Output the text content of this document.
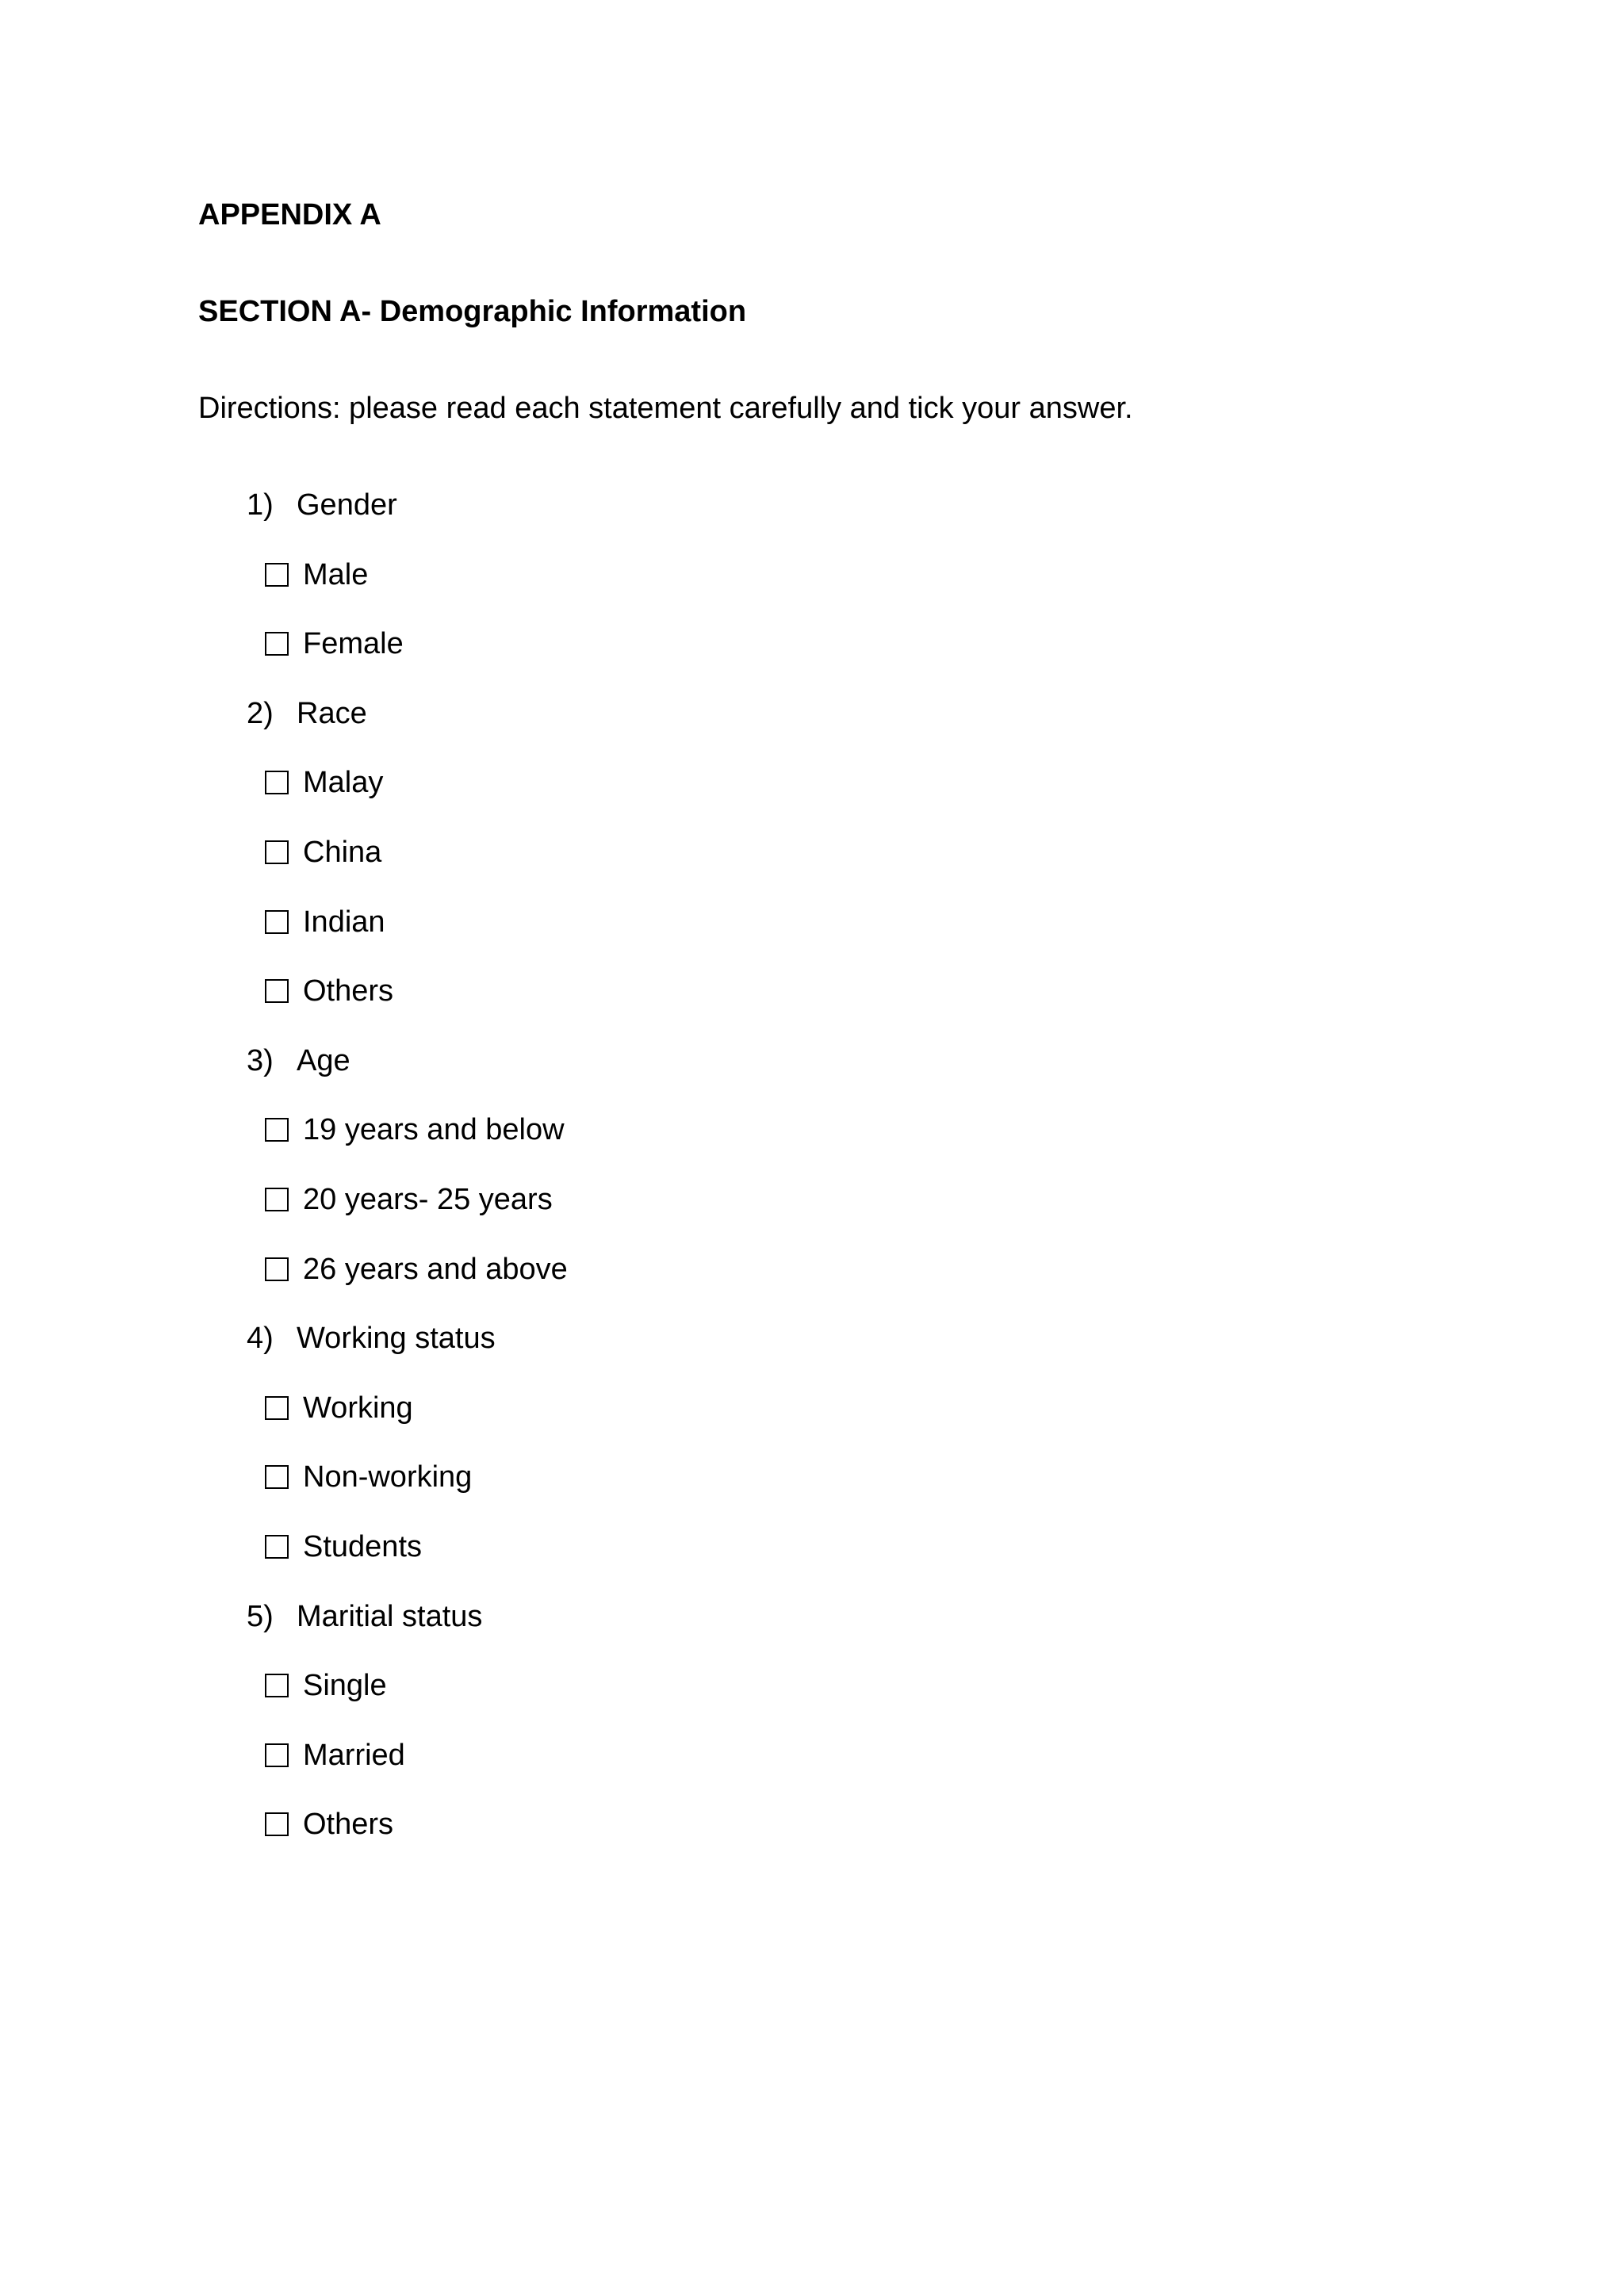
APPENDIX A
SECTION A- Demographic Information
Directions: please read each statement carefully and tick your answer.
1) Gender
Male
Female
2) Race
Malay
China
Indian
Others
3) Age
19 years and below
20 years- 25 years
26 years and above
4) Working status
Working
Non-working
Students
5) Maritial status
Single
Married
Others
